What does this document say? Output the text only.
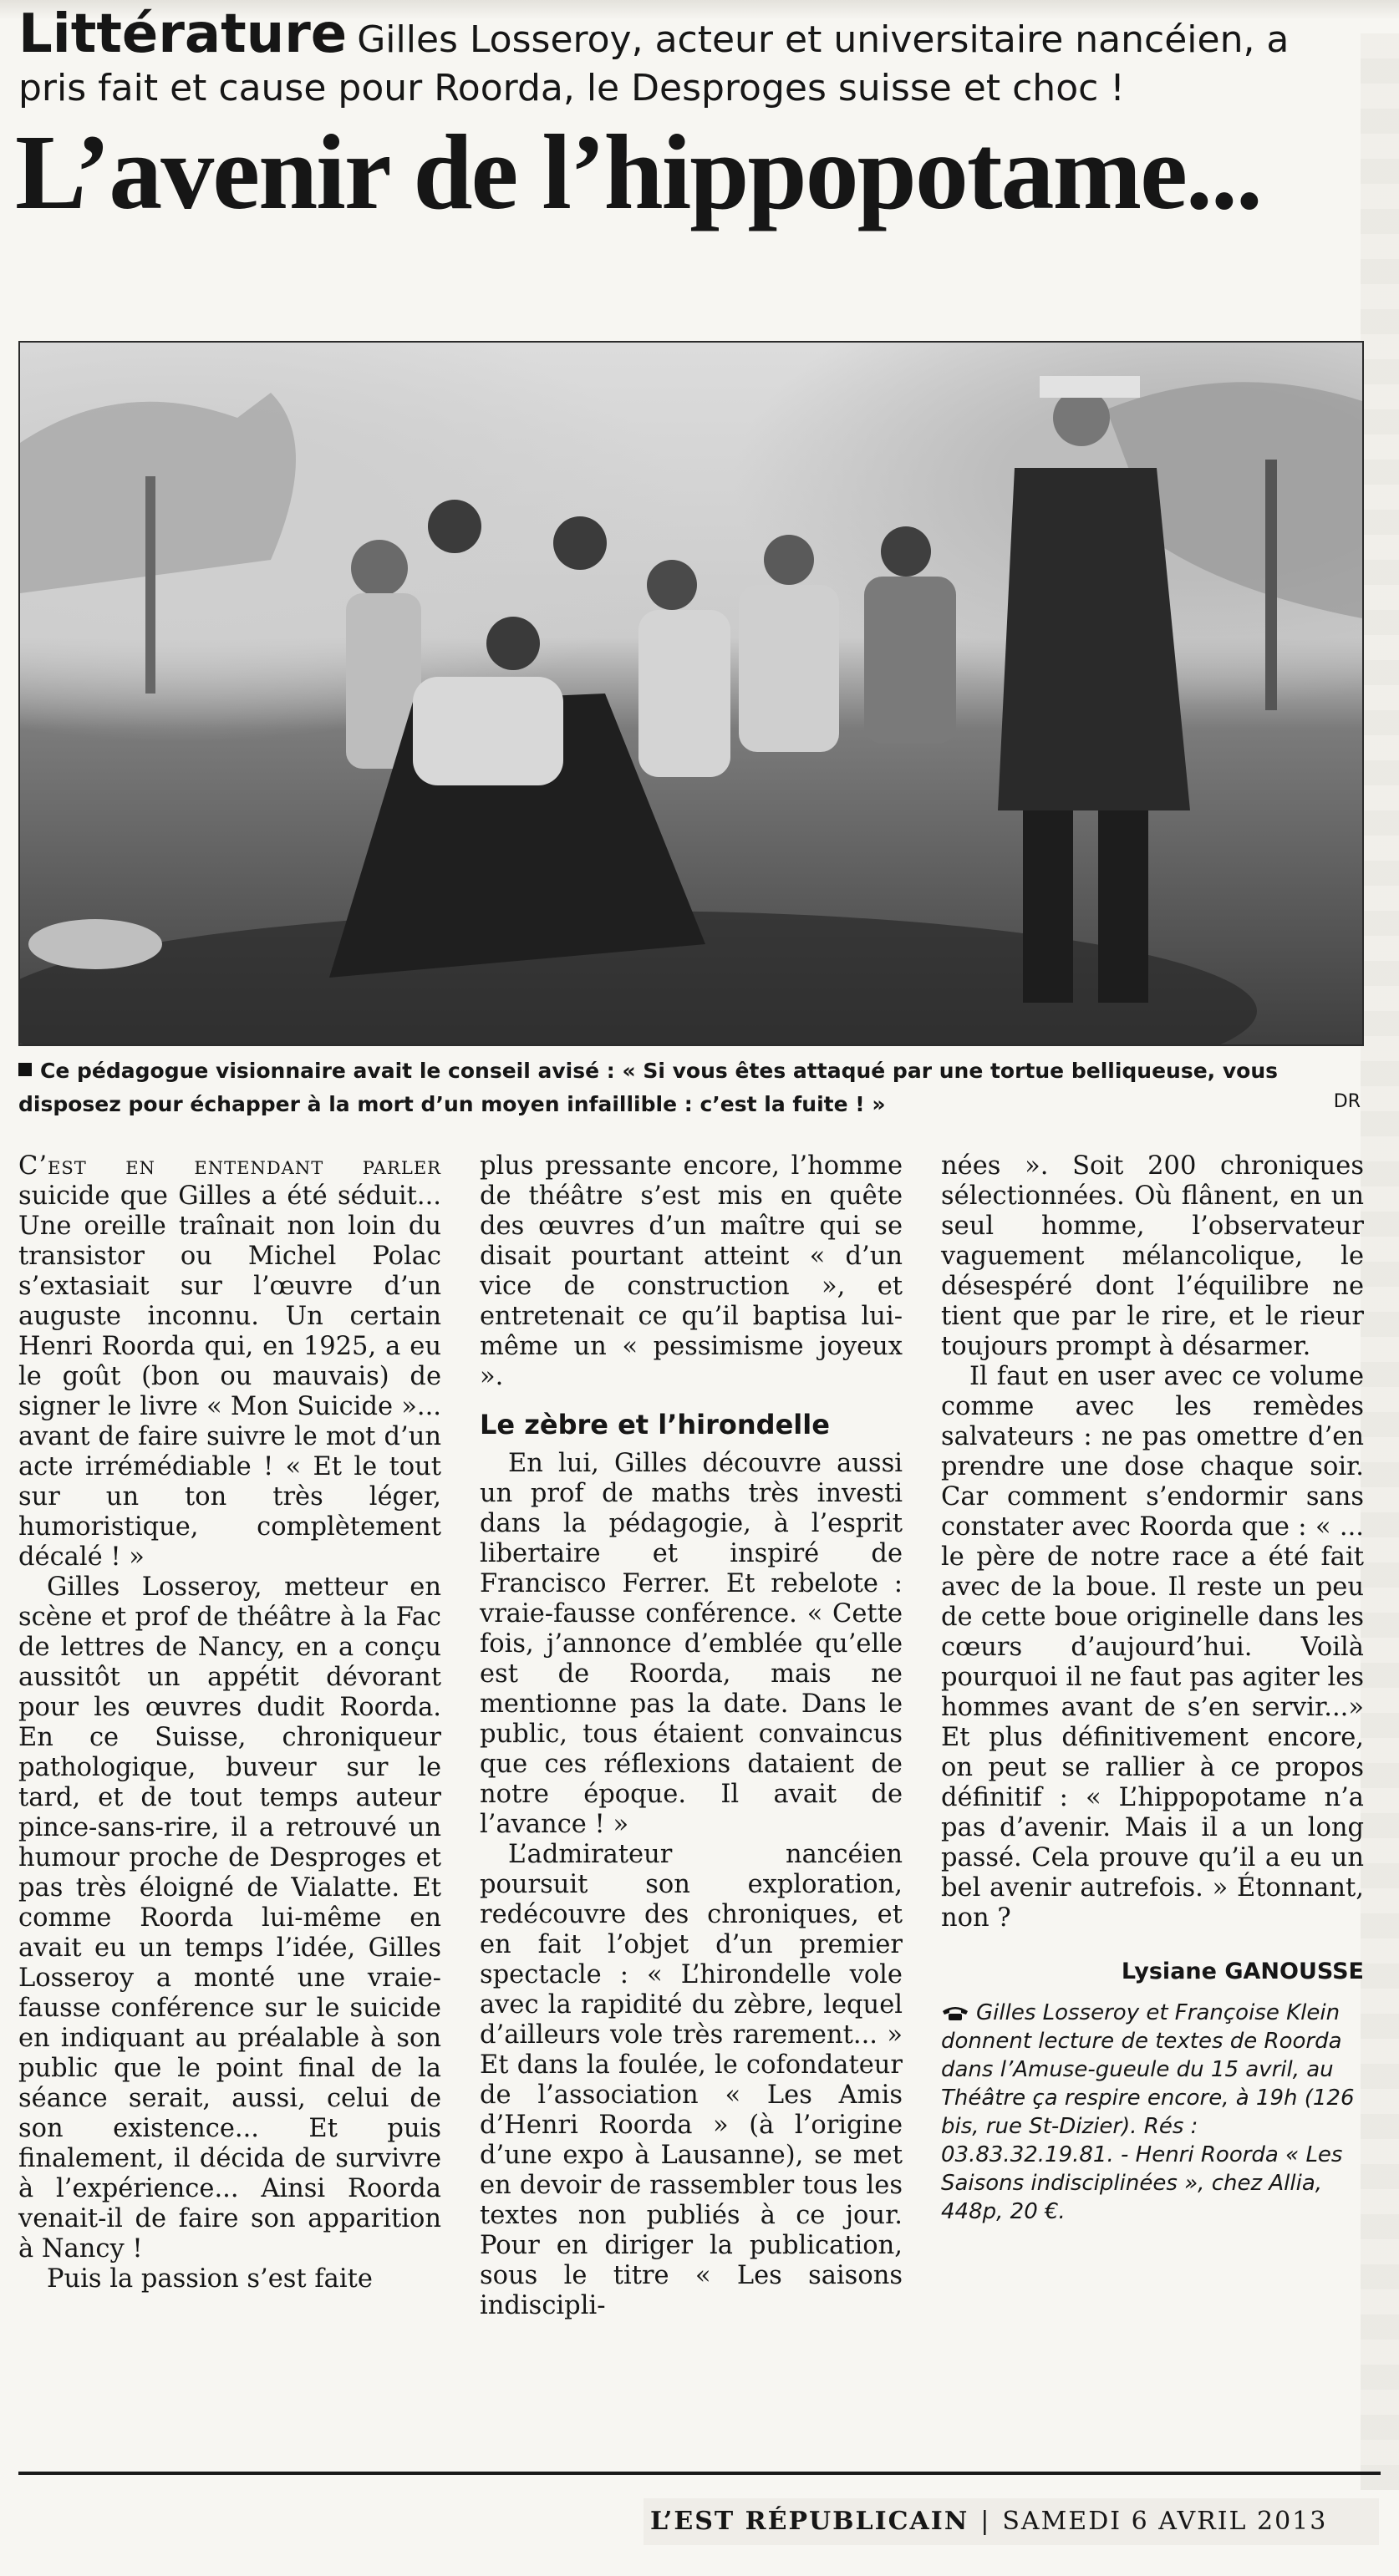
Littérature Gilles Losseroy, acteur et universitaire nancéien, a pris fait et cause pour Roorda, le Desproges suisse et choc !
L’avenir de l’hippopotame...
Ce pédagogue visionnaire avait le conseil avisé : « Si vous êtes attaqué par une tortue belliqueuse, vous disposez pour échapper à la mort d’un moyen infaillible : c’est la fuite ! »	DR

C’est en entendant parler suicide que Gilles a été séduit... Une oreille traînait non loin du transistor ou Michel Polac s’extasiait sur l’œuvre d’un auguste inconnu. Un certain Henri Roorda qui, en 1925, a eu le goût (bon ou mauvais) de signer le livre « Mon Suicide »... avant de faire suivre le mot d’un acte irrémédiable ! « Et le tout sur un ton très léger, humoristique, complètement décalé ! »

Gilles Losseroy, metteur en scène et prof de théâtre à la Fac de lettres de Nancy, en a conçu aussitôt un appétit dévorant pour les œuvres dudit Roorda. En ce Suisse, chroniqueur pathologique, buveur sur le tard, et de tout temps auteur pince-sans-rire, il a retrouvé un humour proche de Desproges et pas très éloigné de Vialatte. Et comme Roorda lui-même en avait eu un temps l’idée, Gilles Losseroy a monté une vraie-fausse conférence sur le suicide en indiquant au préalable à son public que le point final de la séance serait, aussi, celui de son existence... Et puis finalement, il décida de survivre à l’expérience... Ainsi Roorda venait-il de faire son apparition à Nancy !

Puis la passion s’est faite

plus pressante encore, l’homme de théâtre s’est mis en quête des œuvres d’un maître qui se disait pourtant atteint « d’un vice de construction », et entretenait ce qu’il baptisa lui-même un « pessimisme joyeux ».

Le zèbre et l’hirondelle

En lui, Gilles découvre aussi un prof de maths très investi dans la pédagogie, à l’esprit libertaire et inspiré de Francisco Ferrer. Et rebelote : vraie-fausse conférence. « Cette fois, j’annonce d’emblée qu’elle est de Roorda, mais ne mentionne pas la date. Dans le public, tous étaient convaincus que ces réflexions dataient de notre époque. Il avait de l’avance ! »

L’admirateur nancéien poursuit son exploration, redécouvre des chroniques, et en fait l’objet d’un premier spectacle : « L’hirondelle vole avec la rapidité du zèbre, lequel d’ailleurs vole très rarement... » Et dans la foulée, le cofondateur de l’association « Les Amis d’Henri Roorda » (à l’origine d’une expo à Lausanne), se met en devoir de rassembler tous les textes non publiés à ce jour. Pour en diriger la publication, sous le titre « Les saisons indiscipli-

nées ». Soit 200 chroniques sélectionnées. Où flânent, en un seul homme, l’observateur vaguement mélancolique, le désespéré dont l’équilibre ne tient que par le rire, et le rieur toujours prompt à désarmer.

Il faut en user avec ce volume comme avec les remèdes salvateurs : ne pas omettre d’en prendre une dose chaque soir. Car comment s’endormir sans constater avec Roorda que : « ... le père de notre race a été fait avec de la boue. Il reste un peu de cette boue originelle dans les cœurs d’aujourd’hui. Voilà pourquoi il ne faut pas agiter les hommes avant de s’en servir...» Et plus définitivement encore, on peut se rallier à ce propos définitif : « L’hippopotame n’a pas d’avenir. Mais il a un long passé. Cela prouve qu’il a eu un bel avenir autrefois. » Étonnant, non ?

Lysiane GANOUSSE
Gilles Losseroy et Françoise Klein donnent lecture de textes de Roorda dans l’Amuse-gueule du 15 avril, au Théâtre ça respire encore, à 19h (126 bis, rue St-Dizier). Rés : 03.83.32.19.81. - Henri Roorda « Les Saisons indisciplinées », chez Allia, 448p, 20 €.
L’EST RÉPUBLICAIN | SAMEDI 6 AVRIL 2013
